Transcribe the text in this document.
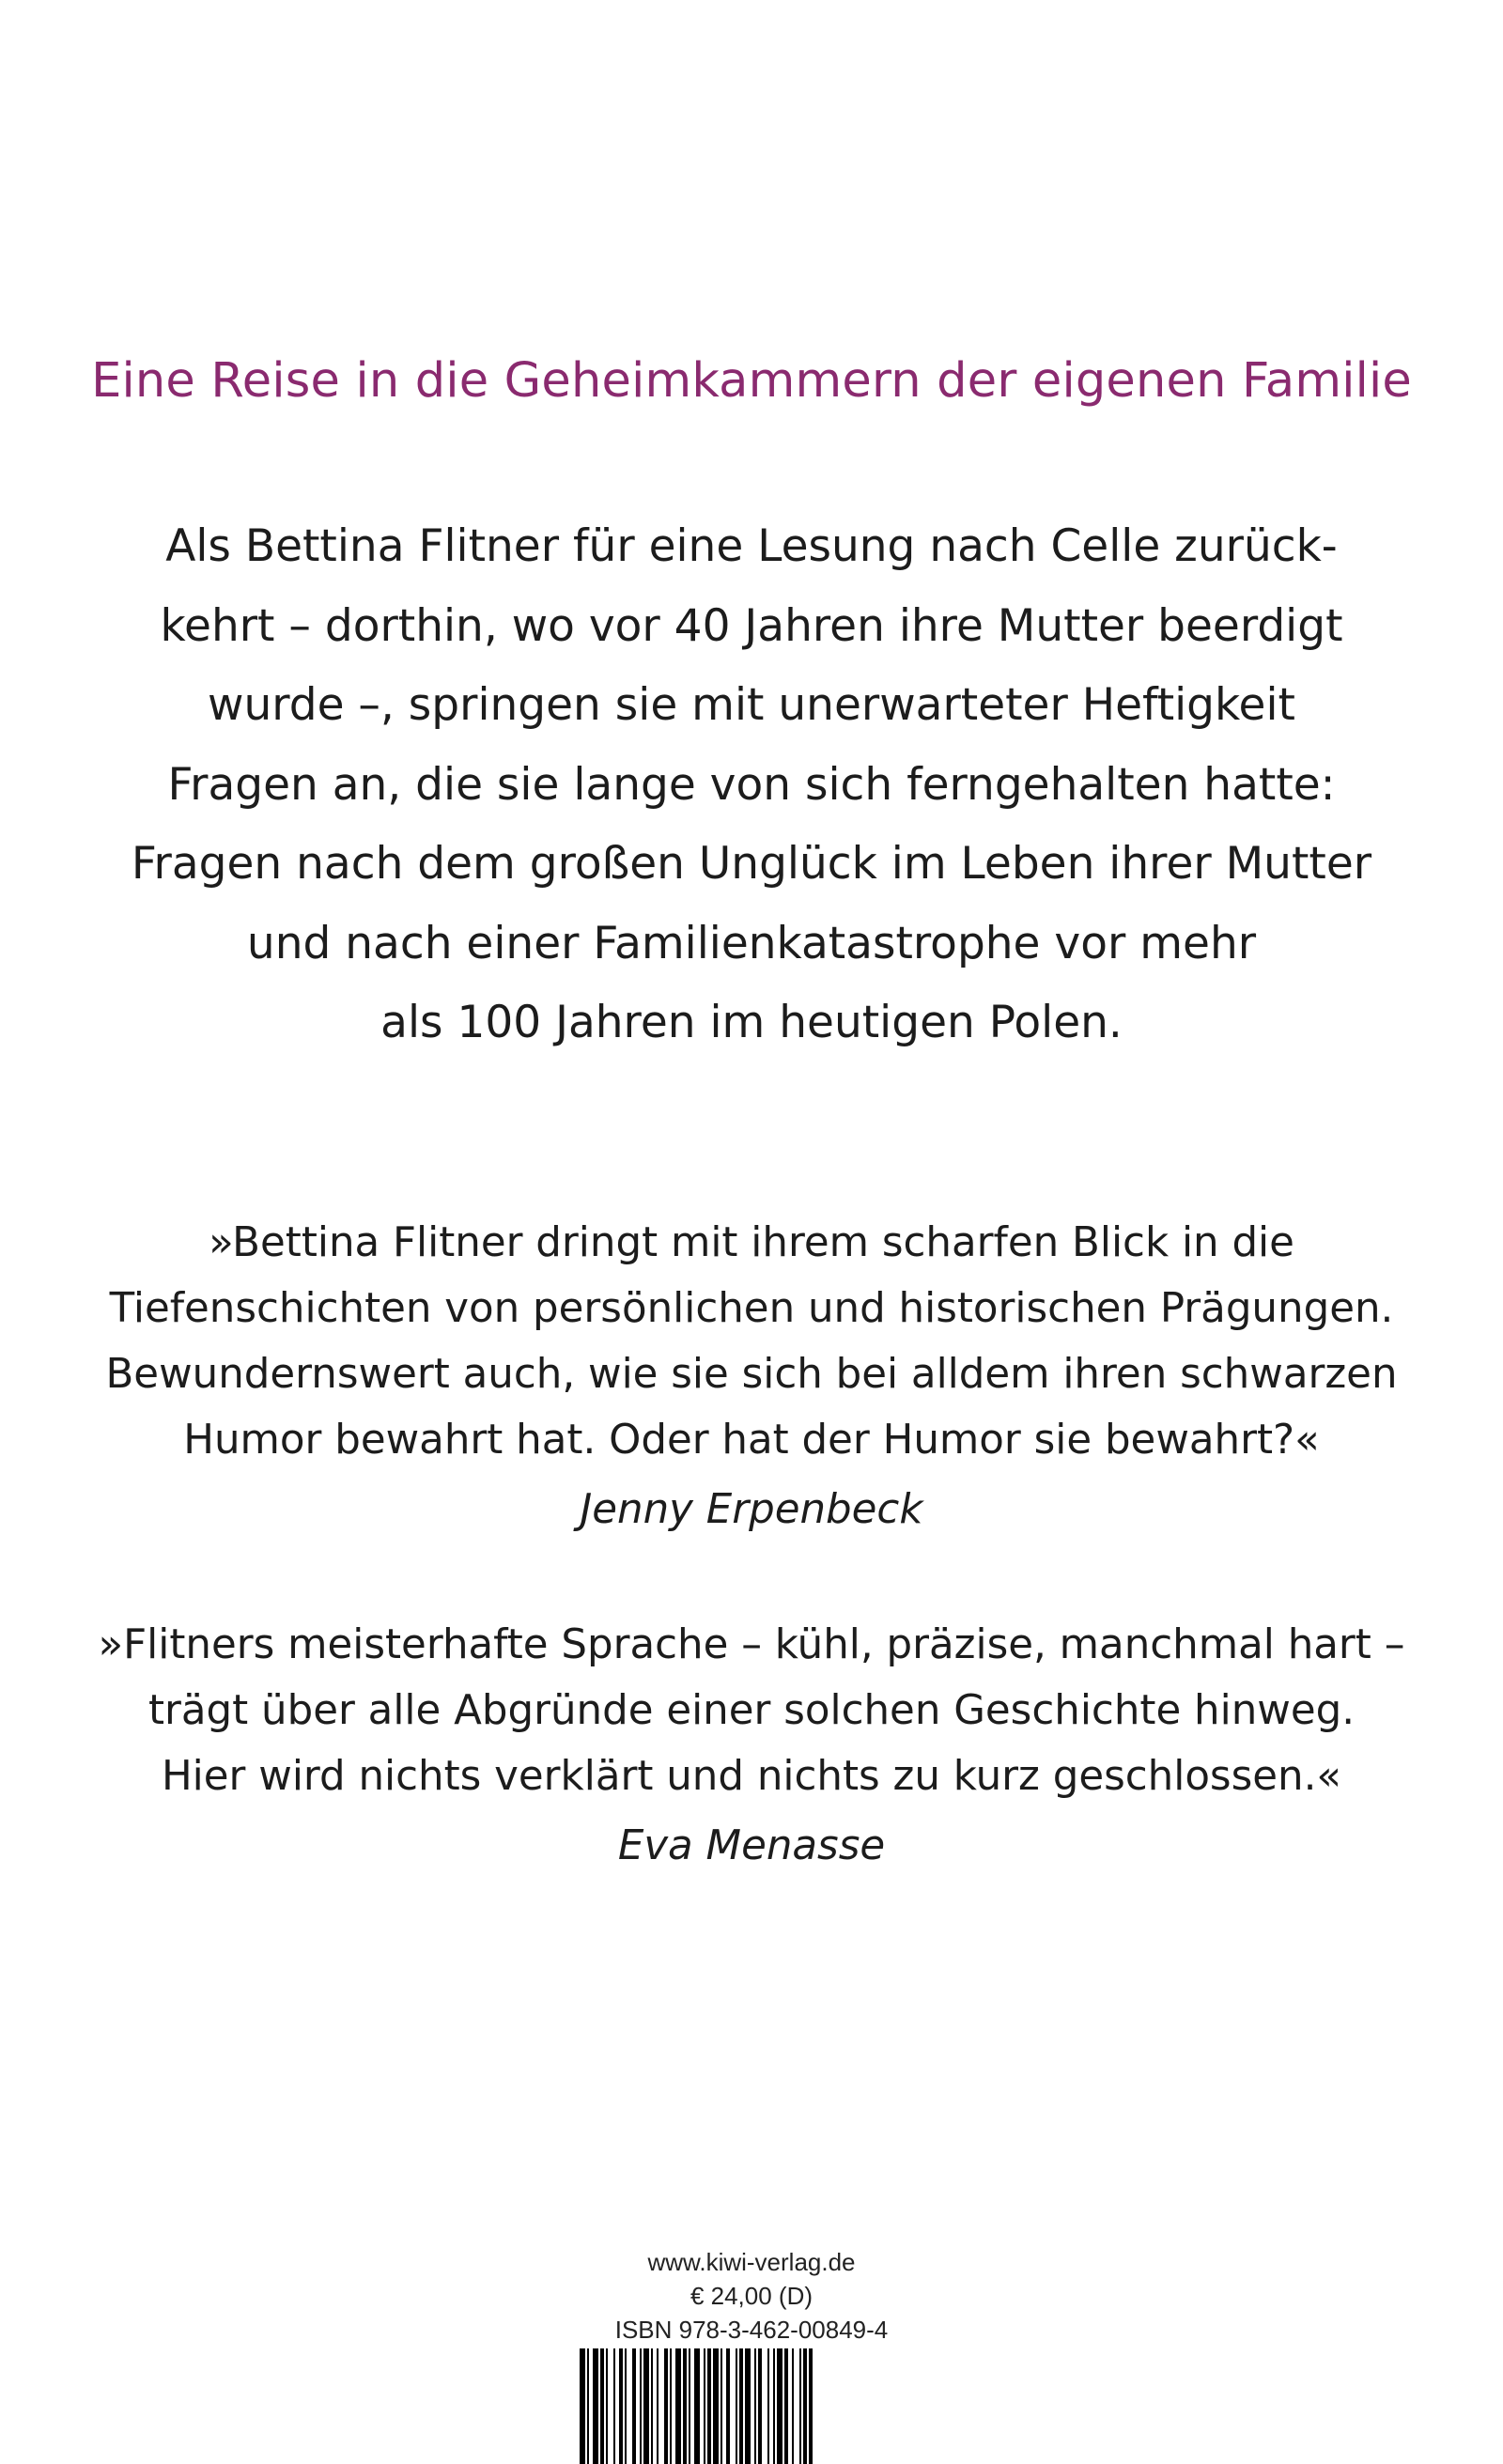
Eine Reise in die Geheimkammern der eigenen Familie
Als Bettina Flitner für eine Lesung nach Celle zurück-
kehrt – dorthin, wo vor 40 Jahren ihre Mutter beerdigt
wurde –, springen sie mit unerwarteter Heftigkeit
Fragen an, die sie lange von sich ferngehalten hatte:
Fragen nach dem großen Unglück im Leben ihrer Mutter
und nach einer Familienkatastrophe vor mehr
als 100 Jahren im heutigen Polen.
»Bettina Flitner dringt mit ihrem scharfen Blick in die
Tiefenschichten von persönlichen und historischen Prägungen.
Bewundernswert auch, wie sie sich bei alldem ihren schwarzen
Humor bewahrt hat. Oder hat der Humor sie bewahrt?«
Jenny Erpenbeck
»Flitners meisterhafte Sprache – kühl, präzise, manchmal hart –
trägt über alle Abgründe einer solchen Geschichte hinweg.
Hier wird nichts verklärt und nichts zu kurz geschlossen.«
Eva Menasse
www.kiwi-verlag.de
€ 24,00 (D)
ISBN 978-3-462-00849-4
